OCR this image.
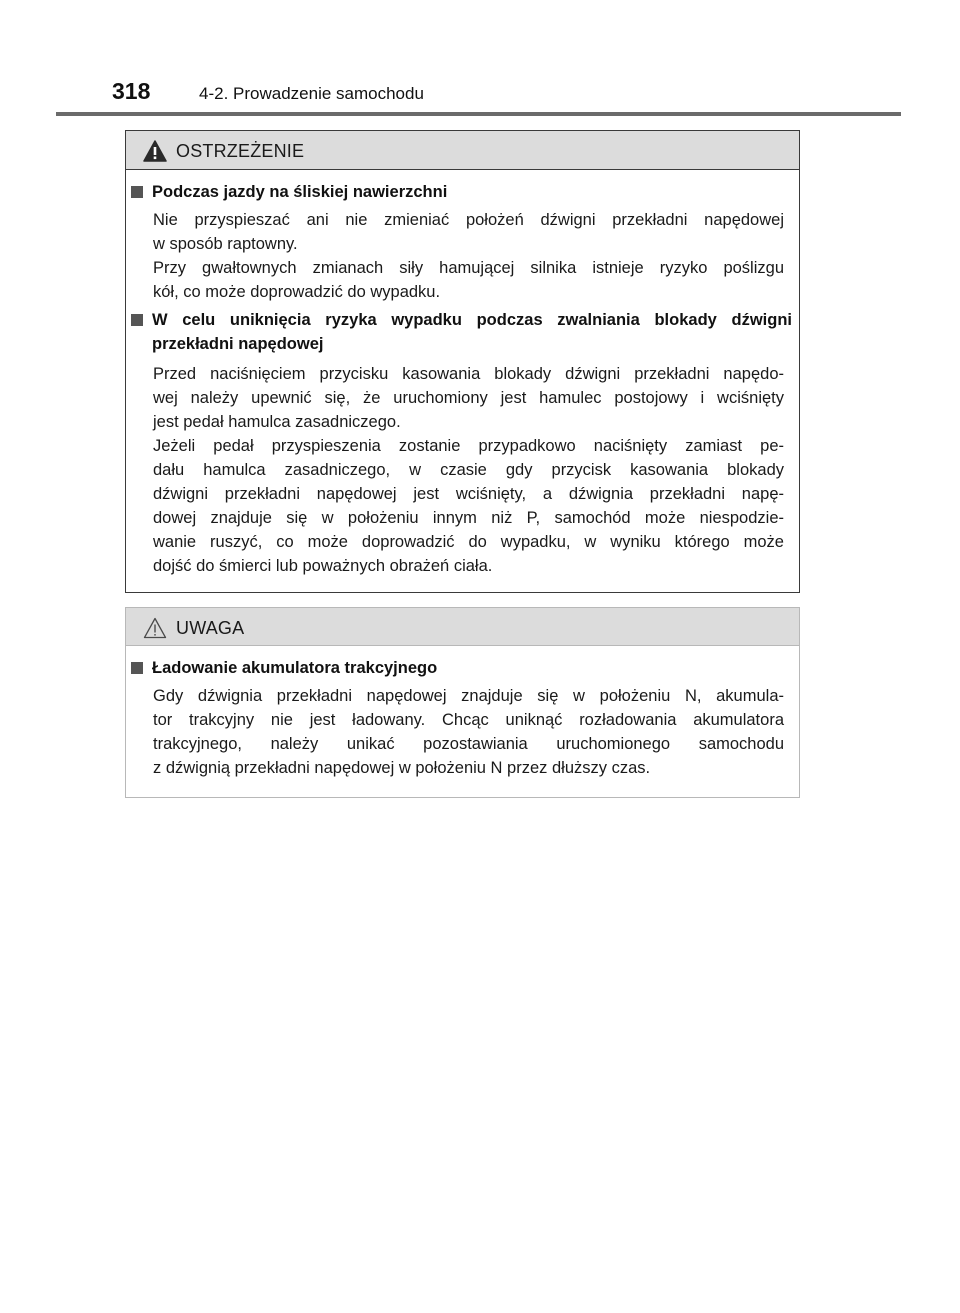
318	4-2. Prowadzenie samochodu
OSTRZEŻENIE
Podczas jazdy na śliskiej nawierzchni
Nie przyspieszać ani nie zmieniać położeń dźwigni przekładni napędowej
w sposób raptowny.
Przy gwałtownych zmianach siły hamującej silnika istnieje ryzyko poślizgu
kół, co może doprowadzić do wypadku.
W celu uniknięcia ryzyka wypadku podczas zwalniania blokady dźwigni
przekładni napędowej
Przed naciśnięciem przycisku kasowania blokady dźwigni przekładni napędo-
wej należy upewnić się, że uruchomiony jest hamulec postojowy i wciśnięty
jest pedał hamulca zasadniczego.
Jeżeli pedał przyspieszenia zostanie przypadkowo naciśnięty zamiast pe-
dału hamulca zasadniczego, w czasie gdy przycisk kasowania blokady
dźwigni przekładni napędowej jest wciśnięty, a dźwignia przekładni napę-
dowej znajduje się w położeniu innym niż P, samochód może niespodzie-
wanie ruszyć, co może doprowadzić do wypadku, w wyniku którego może
dojść do śmierci lub poważnych obrażeń ciała.
UWAGA
Ładowanie akumulatora trakcyjnego
Gdy dźwignia przekładni napędowej znajduje się w położeniu N, akumula-
tor trakcyjny nie jest ładowany. Chcąc uniknąć rozładowania akumulatora
trakcyjnego, należy unikać pozostawiania uruchomionego samochodu
z dźwignią przekładni napędowej w położeniu N przez dłuższy czas.
